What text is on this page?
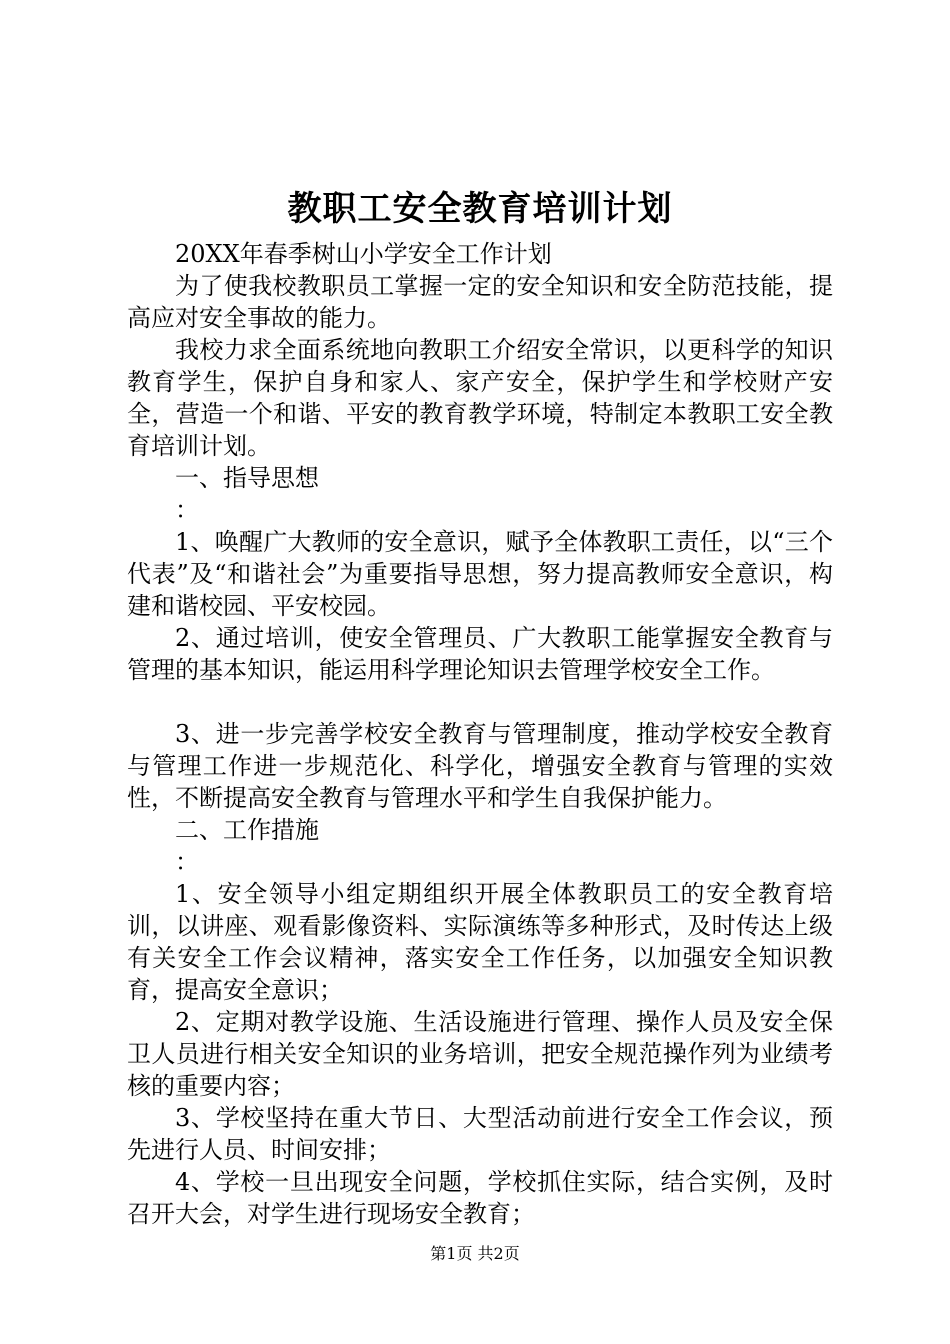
教职工安全教育培训计划

20XX年春季树山小学安全工作计划

为了使我校教职员工掌握一定的安全知识和安全防范技能，提高应对安全事故的能力。

我校力求全面系统地向教职工介绍安全常识，以更科学的知识教育学生，保护自身和家人、家产安全，保护学生和学校财产安全，营造一个和谐、平安的教育教学环境，特制定本教职工安全教育培训计划。

一、指导思想

：

1、唤醒广大教师的安全意识，赋予全体教职工责任，以“三个代表”及“和谐社会”为重要指导思想，努力提高教师安全意识，构建和谐校园、平安校园。

2、通过培训，使安全管理员、广大教职工能掌握安全教育与管理的基本知识，能运用科学理论知识去管理学校安全工作。

3、进一步完善学校安全教育与管理制度，推动学校安全教育与管理工作进一步规范化、科学化，增强安全教育与管理的实效性，不断提高安全教育与管理水平和学生自我保护能力。

二、工作措施

：

1、安全领导小组定期组织开展全体教职员工的安全教育培训，以讲座、观看影像资料、实际演练等多种形式，及时传达上级有关安全工作会议精神，落实安全工作任务，以加强安全知识教育，提高安全意识；

2、定期对教学设施、生活设施进行管理、操作人员及安全保卫人员进行相关安全知识的业务培训，把安全规范操作列为业绩考核的重要内容；

3、学校坚持在重大节日、大型活动前进行安全工作会议，预先进行人员、时间安排；

4、学校一旦出现安全问题，学校抓住实际，结合实例，及时召开大会，对学生进行现场安全教育；

第1页 共2页
